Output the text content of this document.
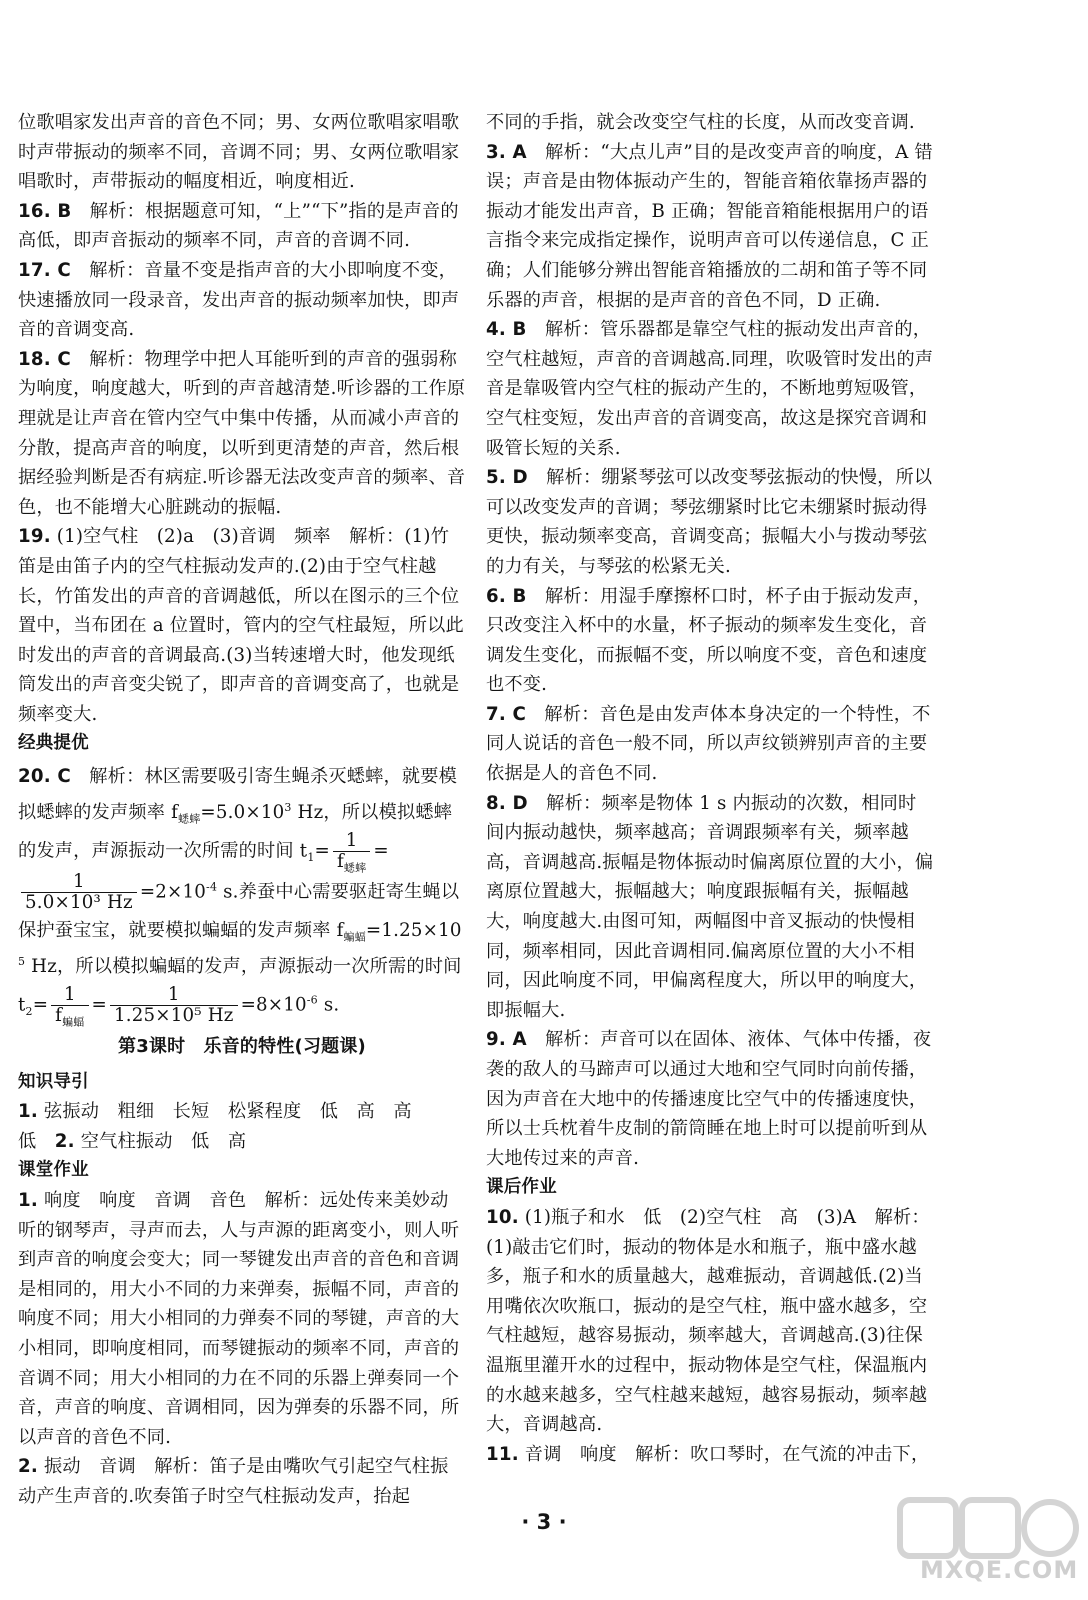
位歌唱家发出声音的音色不同；男、女两位歌唱家唱歌时声带振动的频率不同，音调不同；男、女两位歌唱家唱歌时，声带振动的幅度相近，响度相近.

16. B　解析：根据题意可知，“上”“下”指的是声音的高低，即声音振动的频率不同，声音的音调不同.

17. C　解析：音量不变是指声音的大小即响度不变，快速播放同一段录音，发出声音的振动频率加快，即声音的音调变高.

18. C　解析：物理学中把人耳能听到的声音的强弱称为响度，响度越大，听到的声音越清楚.听诊器的工作原理就是让声音在管内空气中集中传播，从而减小声音的分散，提高声音的响度，以听到更清楚的声音，然后根据经验判断是否有病症.听诊器无法改变声音的频率、音色，也不能增大心脏跳动的振幅.

19. (1)空气柱　(2)a　(3)音调　频率　解析：(1)竹笛是由笛子内的空气柱振动发声的.(2)由于空气柱越长，竹笛发出的声音的音调越低，所以在图示的三个位置中，当布团在 a 位置时，管内的空气柱最短，所以此时发出的声音的音调最高.(3)当转速增大时，他发现纸筒发出的声音变尖锐了，即声音的音调变高了，也就是频率变大.

经典提优

20. C　解析：林区需要吸引寄生蝇杀灭蟋蟀，就要模拟蟋蟀的发声频率 $f_{蟋蟀}=5.0\times 10^3$ Hz，所以模拟蟋蟀的发声，声源振动一次所需的时间 $t_1= \frac{1}{f_{蟋蟀}}$ =
$\frac{1}{\text{5.0×10³ Hz}} =2\times 10^{-4}$ s.养蚕中心需要驱赶寄生蝇以保护蚕宝宝，就要模拟蝙蝠的发声频率 $f_{蝙蝠}=1.25\times 10^5$ Hz，所以模拟蝙蝠的发声，声源振动一次所需的时间 $t_2= \frac{1}{f_{蝙蝠}} = \frac{1}{\text{1.25×10⁵ Hz}} =8\times 10^{-6}$ s.

第3课时　乐音的特性(习题课)

知识导引

1. 弦振动　粗细　长短　松紧程度　低　高　高

低　2. 空气柱振动　低　高

课堂作业

1. 响度　响度　音调　音色　解析：远处传来美妙动听的钢琴声，寻声而去，人与声源的距离变小，则人听到声音的响度会变大；同一琴键发出声音的音色和音调是相同的，用大小不同的力来弹奏，振幅不同，声音的响度不同；用大小相同的力弹奏不同的琴键，声音的大小相同，即响度相同，而琴键振动的频率不同，声音的音调不同；用大小相同的力在不同的乐器上弹奏同一个音，声音的响度、音调相同，因为弹奏的乐器不同，所以声音的音色不同.

2. 振动　音调　解析：笛子是由嘴吹气引起空气柱振动产生声音的.吹奏笛子时空气柱振动发声，抬起

不同的手指，就会改变空气柱的长度，从而改变音调.

3. A　解析：“大点儿声”目的是改变声音的响度，A 错误；声音是由物体振动产生的，智能音箱依靠扬声器的振动才能发出声音，B 正确；智能音箱能根据用户的语言指令来完成指定操作，说明声音可以传递信息，C 正确；人们能够分辨出智能音箱播放的二胡和笛子等不同乐器的声音，根据的是声音的音色不同，D 正确.

4. B　解析：管乐器都是靠空气柱的振动发出声音的，空气柱越短，声音的音调越高.同理，吹吸管时发出的声音是靠吸管内空气柱的振动产生的，不断地剪短吸管，空气柱变短，发出声音的音调变高，故这是探究音调和吸管长短的关系.

5. D　解析：绷紧琴弦可以改变琴弦振动的快慢，所以可以改变发声的音调；琴弦绷紧时比它未绷紧时振动得更快，振动频率变高，音调变高；振幅大小与拨动琴弦的力有关，与琴弦的松紧无关.

6. B　解析：用湿手摩擦杯口时，杯子由于振动发声，只改变注入杯中的水量，杯子振动的频率发生变化，音调发生变化，而振幅不变，所以响度不变，音色和速度也不变.

7. C　解析：音色是由发声体本身决定的一个特性，不同人说话的音色一般不同，所以声纹锁辨别声音的主要依据是人的音色不同.

8. D　解析：频率是物体 1 s 内振动的次数，相同时间内振动越快，频率越高；音调跟频率有关，频率越高，音调越高.振幅是物体振动时偏离原位置的大小，偏离原位置越大，振幅越大；响度跟振幅有关，振幅越大，响度越大.由图可知，两幅图中音叉振动的快慢相同，频率相同，因此音调相同.偏离原位置的大小不相同，因此响度不同，甲偏离程度大，所以甲的响度大，即振幅大.

9. A　解析：声音可以在固体、液体、气体中传播，夜袭的敌人的马蹄声可以通过大地和空气同时向前传播，因为声音在大地中的传播速度比空气中的传播速度快，所以士兵枕着牛皮制的箭筒睡在地上时可以提前听到从大地传过来的声音.

课后作业

10. (1)瓶子和水　低　(2)空气柱　高　(3)A　解析：(1)敲击它们时，振动的物体是水和瓶子，瓶中盛水越多，瓶子和水的质量越大，越难振动，音调越低.(2)当用嘴依次吹瓶口，振动的是空气柱，瓶中盛水越多，空气柱越短，越容易振动，频率越大，音调越高.(3)往保温瓶里灌开水的过程中，振动物体是空气柱，保温瓶内的水越来越多，空气柱越来越短，越容易振动，频率越大，音调越高.

11. 音调　响度　解析：吹口琴时，在气流的冲击下，

· 3 ·
MXQE.COM
